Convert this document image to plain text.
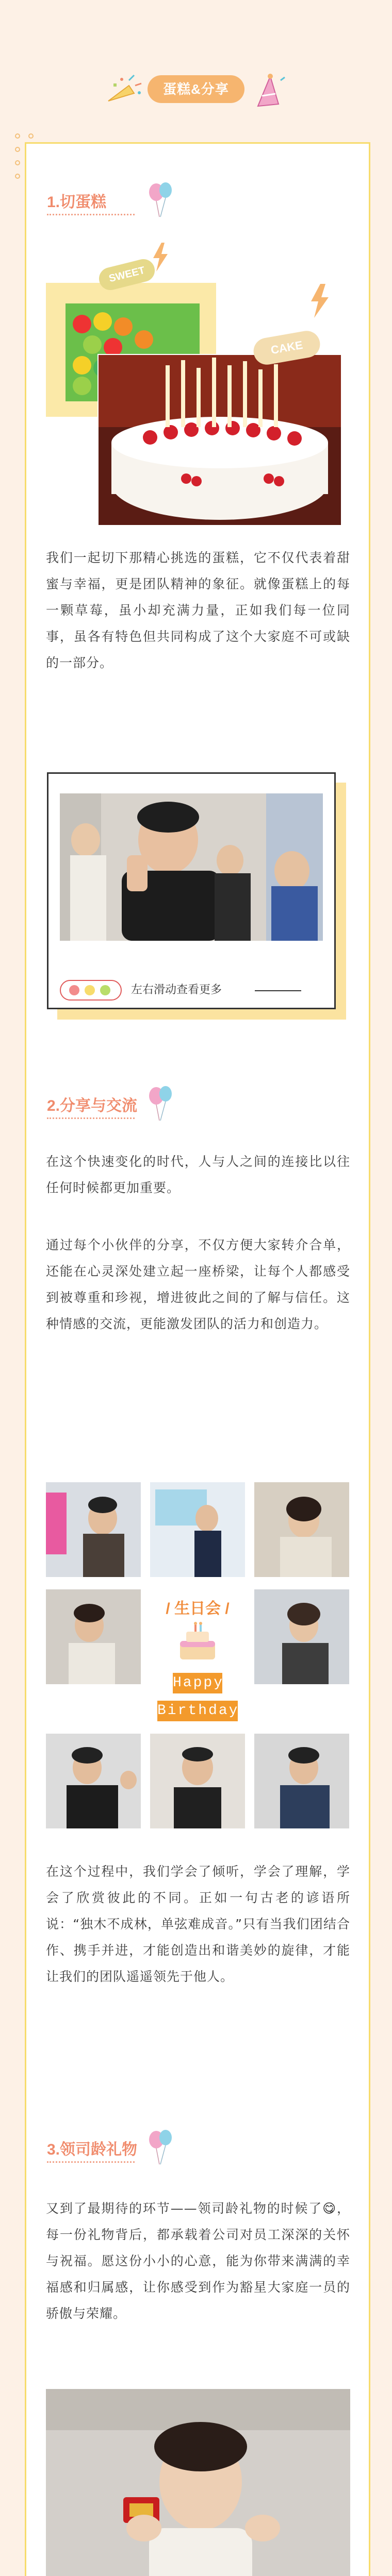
蛋糕&分享
1.切蛋糕
SWEET
CAKE
我们一起切下那精心挑选的蛋糕，它不仅代表着甜蜜与幸福，更是团队精神的象征。就像蛋糕上的每一颗草莓，虽小却充满力量，正如我们每一位同事，虽各有特色但共同构成了这个大家庭不可或缺的一部分。
左右滑动查看更多
2.分享与交流
在这个快速变化的时代，人与人之间的连接比以往任何时候都更加重要。
通过每个小伙伴的分享，不仅方便大家转介合单，还能在心灵深处建立起一座桥梁，让每个人都感受到被尊重和珍视，增进彼此之间的了解与信任。这种情感的交流，更能激发团队的活力和创造力。
/ 生日会 /
Happy
Birthday
在这个过程中，我们学会了倾听，学会了理解，学会了欣赏彼此的不同。正如一句古老的谚语所说：“独木不成林，单弦难成音。”只有当我们团结合作、携手并进，才能创造出和谐美妙的旋律，才能让我们的团队遥遥领先于他人。
3.领司龄礼物
又到了最期待的环节——领司龄礼物的时候了😋，每一份礼物背后，都承载着公司对员工深深的关怀与祝福。愿这份小小的心意，能为你带来满满的幸福感和归属感，让你感受到作为豁星大家庭一员的骄傲与荣耀。
